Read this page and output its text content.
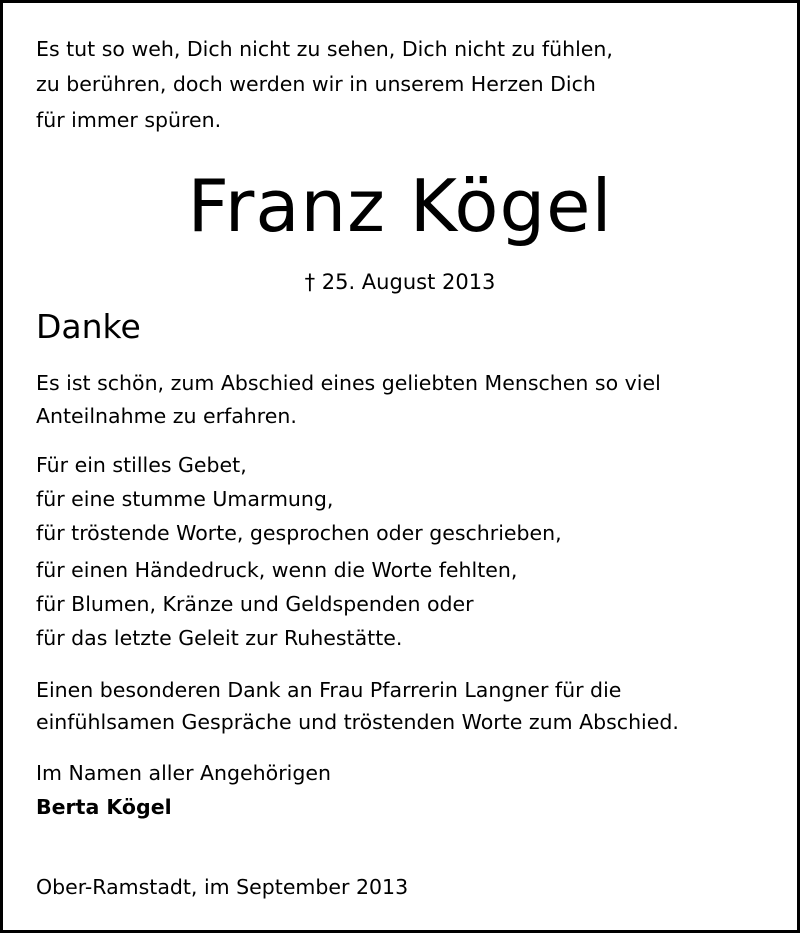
Es tut so weh, Dich nicht zu sehen, Dich nicht zu fühlen,
zu berühren, doch werden wir in unserem Herzen Dich
für immer spüren.
Franz Kögel
† 25. August 2013
Danke
Es ist schön, zum Abschied eines geliebten Menschen so viel
Anteilnahme zu erfahren.
Für ein stilles Gebet,
für eine stumme Umarmung,
für tröstende Worte, gesprochen oder geschrieben,
für einen Händedruck, wenn die Worte fehlten,
für Blumen, Kränze und Geldspenden oder
für das letzte Geleit zur Ruhestätte.
Einen besonderen Dank an Frau Pfarrerin Langner für die
einfühlsamen Gespräche und tröstenden Worte zum Abschied.
Im Namen aller Angehörigen
Berta Kögel
Ober-Ramstadt, im September 2013
